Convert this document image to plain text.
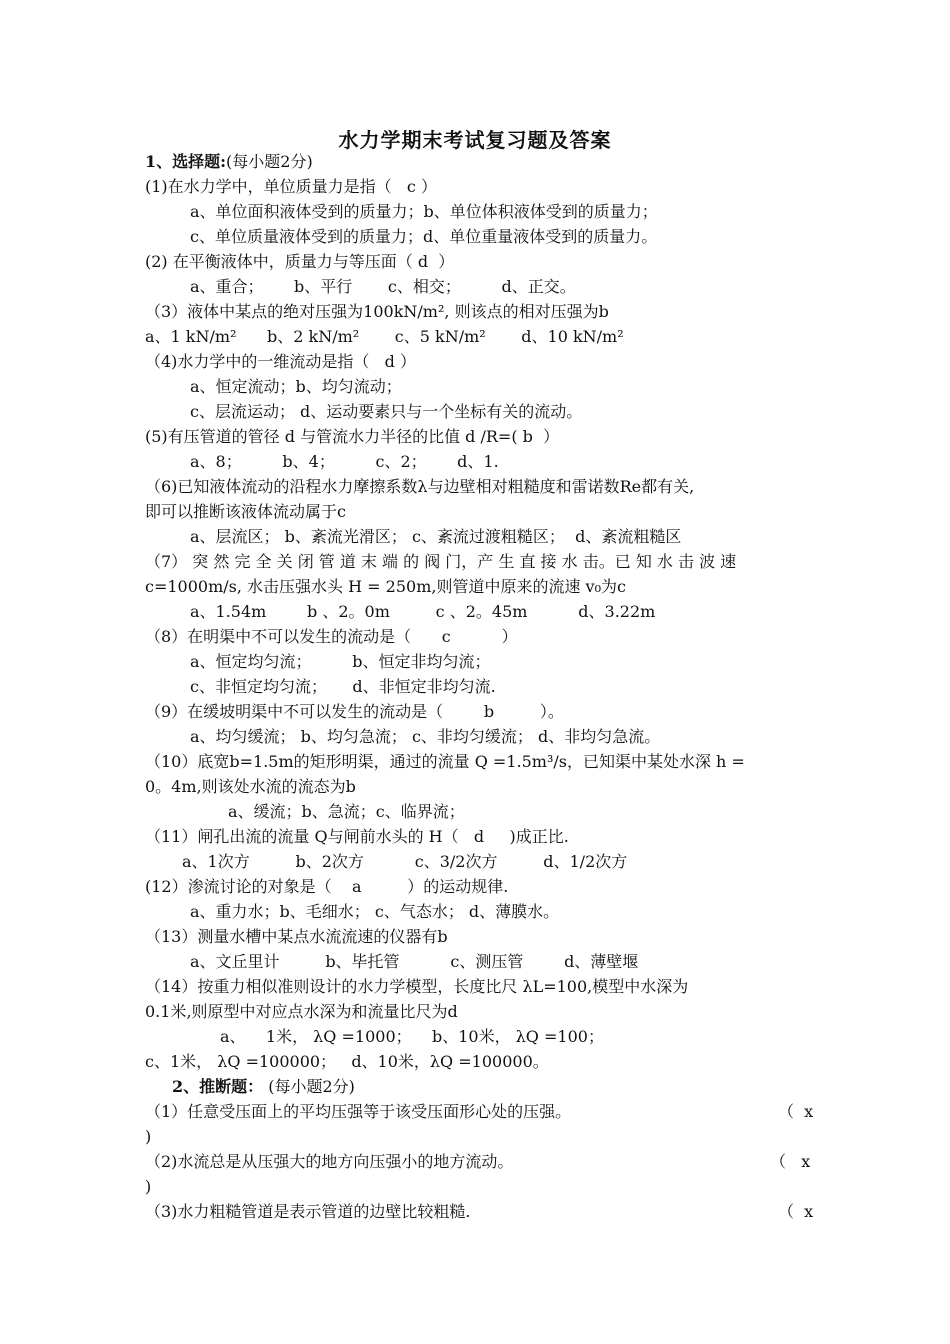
水力学期末考试复习题及答案
1、选择题:(每小题2分)
(1)在水力学中，单位质量力是指（   c ）
a、单位面积液体受到的质量力；b、单位体积液体受到的质量力；
c、单位质量液体受到的质量力；d、单位重量液体受到的质量力。
(2) 在平衡液体中，质量力与等压面（ d  ）
a、重合；      b、平行       c、相交；        d、正交。
（3）液体中某点的绝对压强为100kN/m², 则该点的相对压强为b
a、1 kN/m²      b、2 kN/m²       c、5 kN/m²       d、10 kN/m²
（4)水力学中的一维流动是指（   d ）
a、恒定流动；b、均匀流动；
c、层流运动； d、运动要素只与一个坐标有关的流动。
(5)有压管道的管径 d 与管流水力半径的比值 d /R=( b  ）
a、8；        b、4；        c、2；      d、1.
（6)已知液体流动的沿程水力摩擦系数λ与边壁相对粗糙度和雷诺数Re都有关,
即可以推断该液体流动属于c
a、层流区； b、紊流光滑区； c、紊流过渡粗糙区；  d、紊流粗糙区
（7） 突 然 完 全 关 闭 管 道 末 端 的 阀 门，产 生 直 接 水 击。已 知 水 击 波 速
c=1000m/s, 水击压强水头 H = 250m,则管道中原来的流速 v₀为c
a、1.54m        b 、2。0m         c 、2。45m          d、3.22m
（8）在明渠中不可以发生的流动是（      c          ）
a、恒定均匀流；        b、恒定非均匀流；
c、非恒定均匀流；     d、非恒定非均匀流.
（9）在缓坡明渠中不可以发生的流动是（        b         ）。
a、均匀缓流； b、均匀急流； c、非均匀缓流； d、非均匀急流。
（10）底宽b=1.5m的矩形明渠，通过的流量 Q =1.5m³/s，已知渠中某处水深 h =
0。4m,则该处水流的流态为b
a、缓流；b、急流；c、临界流；
（11）闸孔出流的流量 Q与闸前水头的 H（   d     )成正比.
a、1次方         b、2次方          c、3/2次方         d、1/2次方
(12）渗流讨论的对象是（    a         ）的运动规律.
a、重力水；b、毛细水； c、气态水； d、薄膜水。
（13）测量水槽中某点水流流速的仪器有b
a、文丘里计         b、毕托管          c、测压管        d、薄壁堰
（14）按重力相似准则设计的水力学模型，长度比尺 λL=100,模型中水深为
0.1米,则原型中对应点水深为和流量比尺为d
a、    1米， λQ =1000；    b、10米， λQ =100；
c、1米， λQ =100000；   d、10米，λQ =100000。
2、推断题： (每小题2分)
（1）任意受压面上的平均压强等于该受压面形心处的压强。	（  x
)
（2)水流总是从压强大的地方向压强小的地方流动。	（   x
)
（3)水力粗糙管道是表示管道的边壁比较粗糙.	（  x
